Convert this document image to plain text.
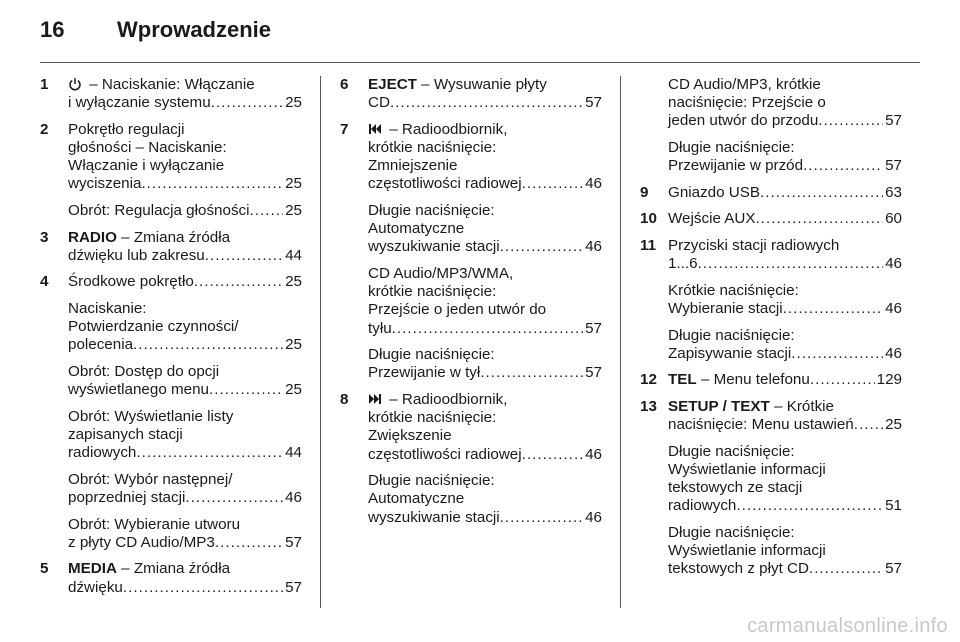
16 Wprowadzenie
1	– Naciskanie: Włączanie
i wyłączanie systemu . . .	25
2 Pokrętło regulacji
głośności – Naciskanie:
Włączanie i wyłączanie
wyciszenia . . .	25
Obrót: Regulacja głośności . . . 25
3 RADIO – Zmiana źródła
dźwięku lub zakresu . . .	44
4 Środkowe pokrętło . . .	25
Naciskanie:
Potwierdzanie czynności/
polecenia . . .	25
Obrót: Dostęp do opcji
wyświetlanego menu . . .	25
Obrót: Wyświetlanie listy
zapisanych stacji
radiowych . . .	44
Obrót: Wybór następnej/
poprzedniej stacji . . .	46
Obrót: Wybieranie utworu
z płyty CD Audio/MP3 . . .	57
5 MEDIA – Zmiana źródła
dźwięku . . .	57
6 EJECT – Wysuwanie płyty
CD . . .	57
7	– Radioodbiornik,
krótkie naciśnięcie:
Zmniejszenie
częstotliwości radiowej . . .	46
Długie naciśnięcie:
Automatyczne
wyszukiwanie stacji . . .	46
CD Audio/MP3/WMA,
krótkie naciśnięcie:
Przejście o jeden utwór do
tyłu . . .	57
Długie naciśnięcie:
Przewijanie w tył . . .	57
8	– Radioodbiornik,
krótkie naciśnięcie:
Zwiększenie
częstotliwości radiowej . . .	46
Długie naciśnięcie:
Automatyczne
wyszukiwanie stacji . . .	46
CD Audio/MP3, krótkie
naciśnięcie: Przejście o
jeden utwór do przodu . . .	57
Długie naciśnięcie:
Przewijanie w przód . . .	57
9 Gniazdo USB . . .	63
10 Wejście AUX . . .	60
11 Przyciski stacji radiowych
1...6 . . .	46
Krótkie naciśnięcie:
Wybieranie stacji . . .	46
Długie naciśnięcie:
Zapisywanie stacji . . .	46
12 TEL – Menu telefonu . . .	129
13 SETUP / TEXT – Krótkie
naciśnięcie: Menu ustawień . . . 25
Długie naciśnięcie:
Wyświetlanie informacji
tekstowych ze stacji
radiowych . . .	51
Długie naciśnięcie:
Wyświetlanie informacji
tekstowych z płyt CD . . .	57
carmanualsonline.info
